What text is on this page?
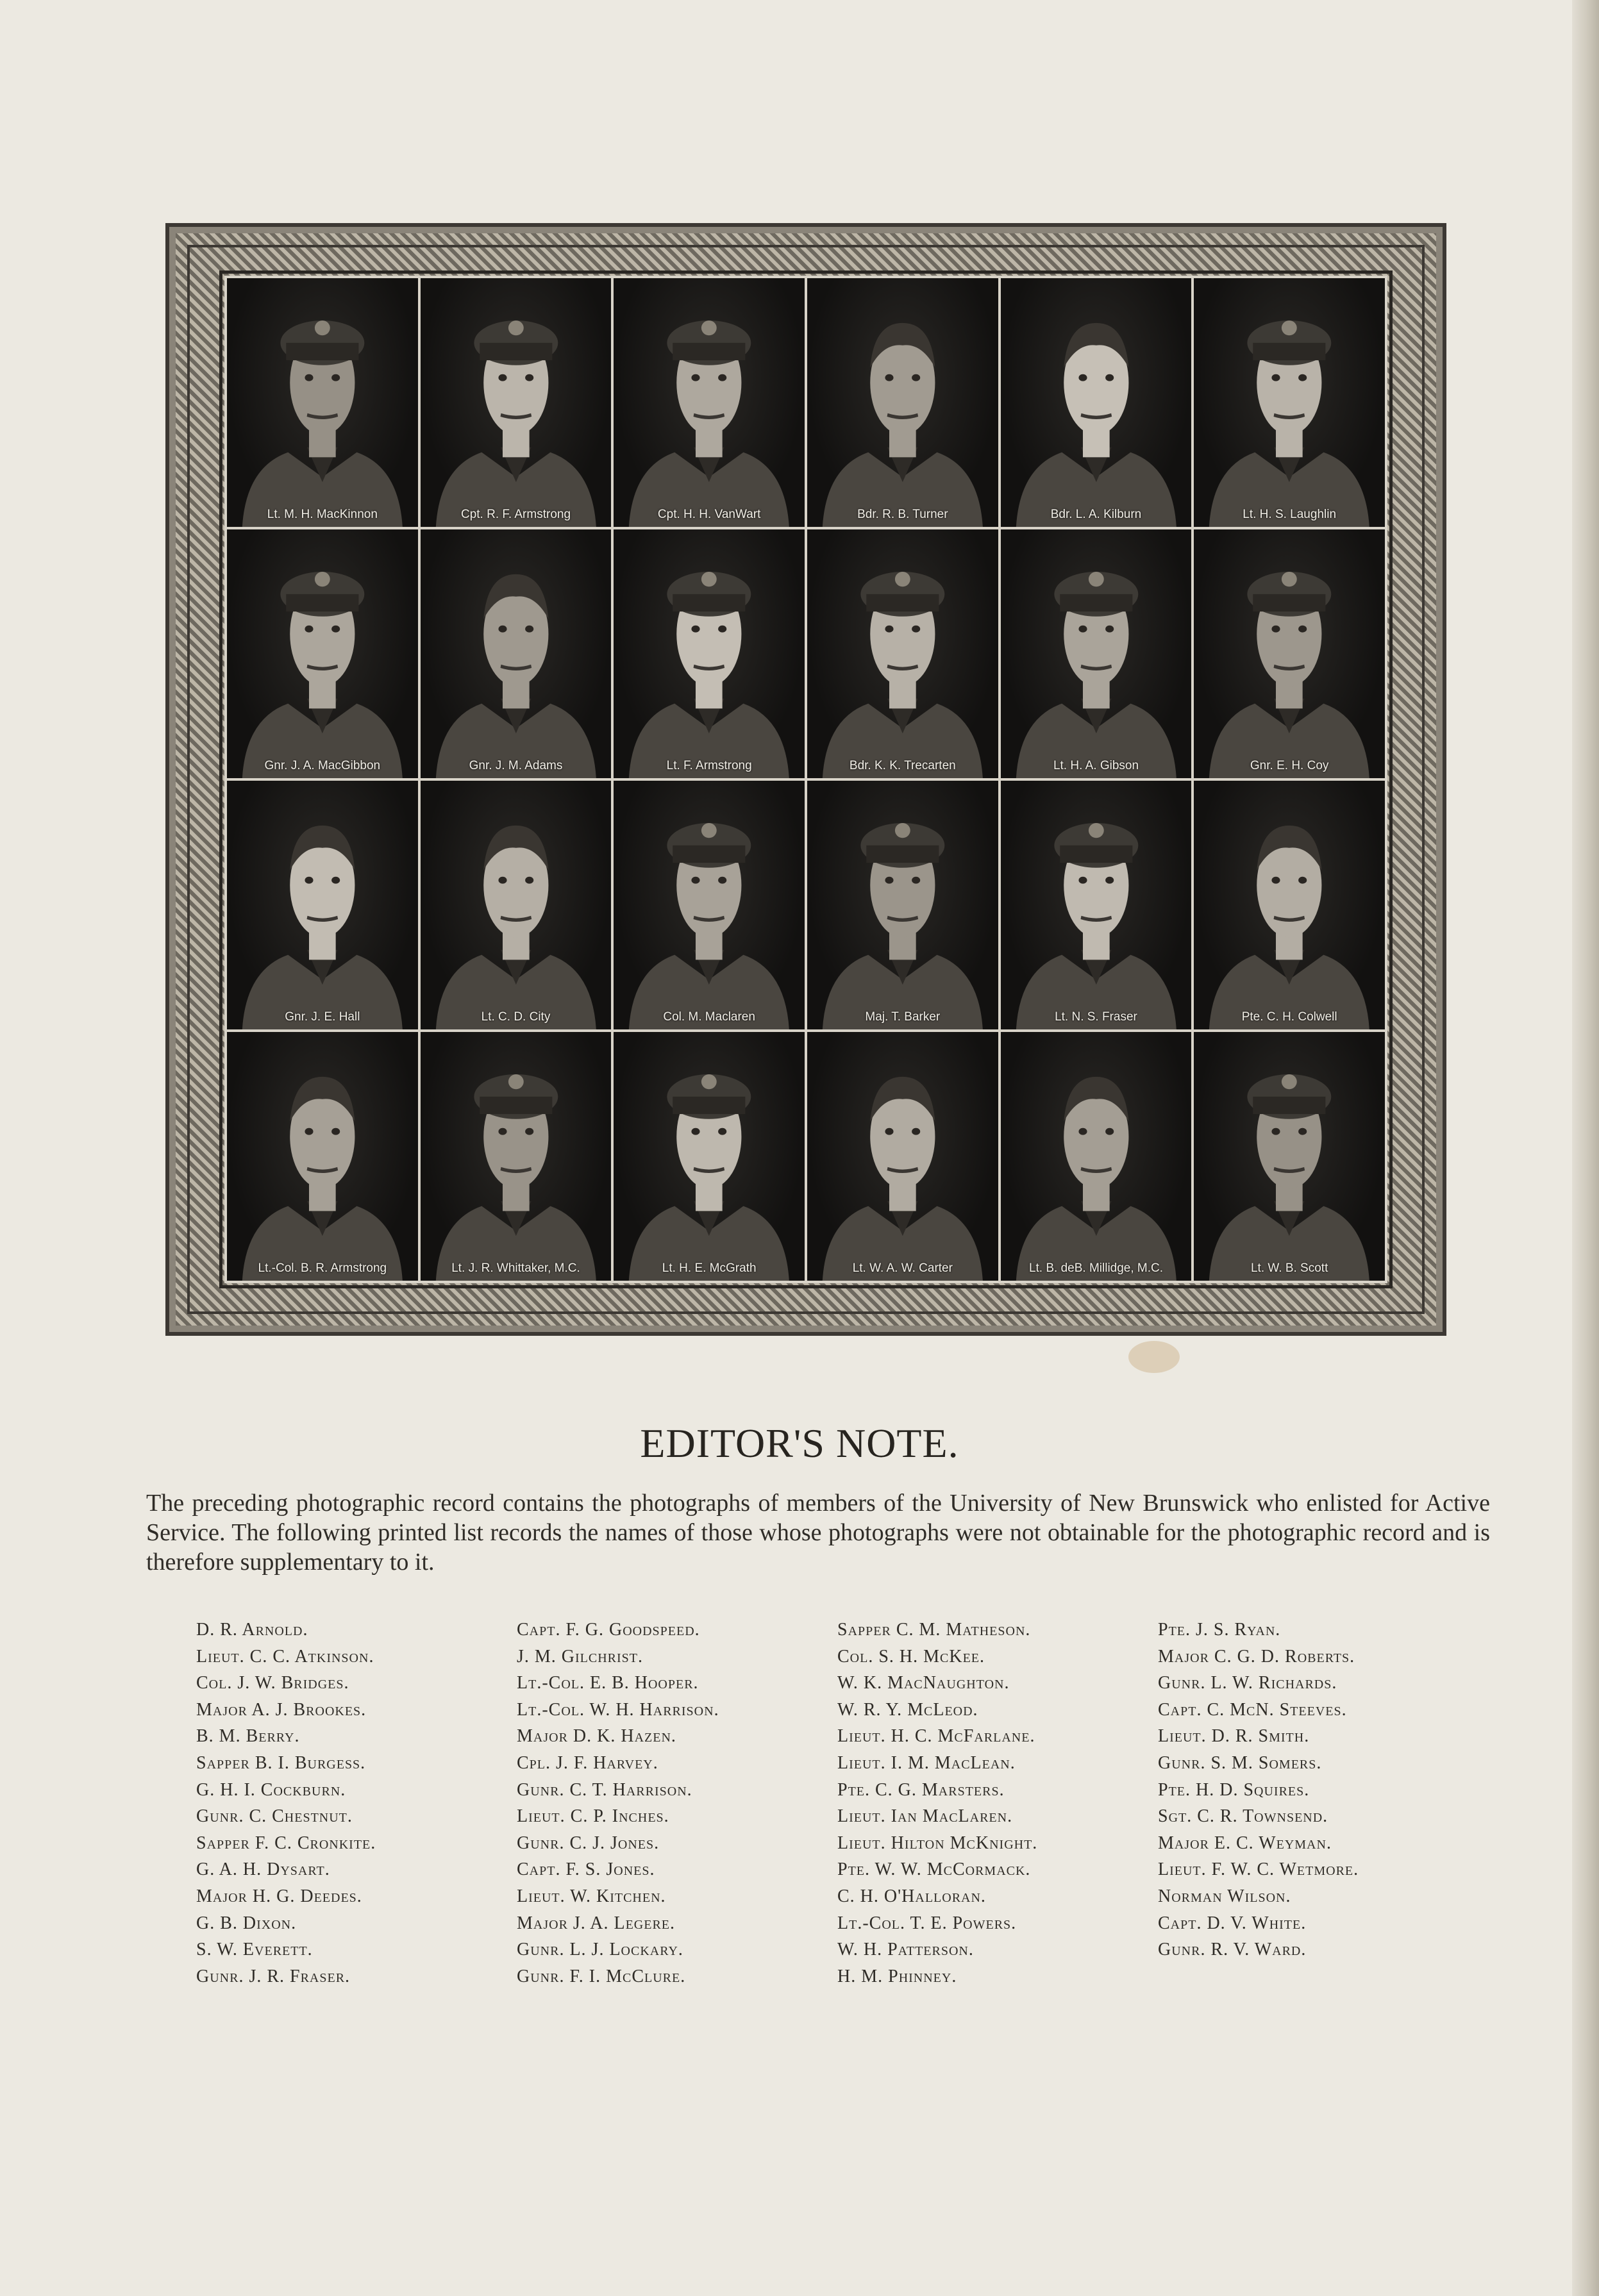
Lt. M. H. MacKinnon	Cpt. R. F. Armstrong	Cpt. H. H. VanWart	Bdr. R. B. Turner	Bdr. L. A. Kilburn	Lt. H. S. Laughlin
Gnr. J. A. MacGibbon	Gnr. J. M. Adams	Lt. F. Armstrong	Bdr. K. K. Trecarten	Lt. H. A. Gibson	Gnr. E. H. Coy
Gnr. J. E. Hall	Lt. C. D. City	Col. M. Maclaren	Maj. T. Barker	Lt. N. S. Fraser	Pte. C. H. Colwell
Lt.-Col. B. R. Armstrong	Lt. J. R. Whittaker, M.C.	Lt. H. E. McGrath	Lt. W. A. W. Carter	Lt. B. deB. Millidge, M.C.	Lt. W. B. Scott
EDITOR'S NOTE.

The preceding photographic record contains the photographs of members of the University of New Brunswick who enlisted for Active Service. The following printed list records the names of those whose photographs were not obtainable for the photographic record and is therefore supplementary to it.

D. R. Arnold.
Lieut. C. C. Atkinson.
Col. J. W. Bridges.
Major A. J. Brookes.
B. M. Berry.
Sapper B. I. Burgess.
G. H. I. Cockburn.
Gunr. C. Chestnut.
Sapper F. C. Cronkite.
G. A. H. Dysart.
Major H. G. Deedes.
G. B. Dixon.
S. W. Everett.
Gunr. J. R. Fraser.
Capt. F. G. Goodspeed.
J. M. Gilchrist.
Lt.-Col. E. B. Hooper.
Lt.-Col. W. H. Harrison.
Major D. K. Hazen.
Cpl. J. F. Harvey.
Gunr. C. T. Harrison.
Lieut. C. P. Inches.
Gunr. C. J. Jones.
Capt. F. S. Jones.
Lieut. W. Kitchen.
Major J. A. Legere.
Gunr. L. J. Lockary.
Gunr. F. I. McClure.
Sapper C. M. Matheson.
Col. S. H. McKee.
W. K. MacNaughton.
W. R. Y. McLeod.
Lieut. H. C. McFarlane.
Lieut. I. M. MacLean.
Pte. C. G. Marsters.
Lieut. Ian MacLaren.
Lieut. Hilton McKnight.
Pte. W. W. McCormack.
C. H. O'Halloran.
Lt.-Col. T. E. Powers.
W. H. Patterson.
H. M. Phinney.
Pte. J. S. Ryan.
Major C. G. D. Roberts.
Gunr. L. W. Richards.
Capt. C. McN. Steeves.
Lieut. D. R. Smith.
Gunr. S. M. Somers.
Pte. H. D. Squires.
Sgt. C. R. Townsend.
Major E. C. Weyman.
Lieut. F. W. C. Wetmore.
Norman Wilson.
Capt. D. V. White.
Gunr. R. V. Ward.
